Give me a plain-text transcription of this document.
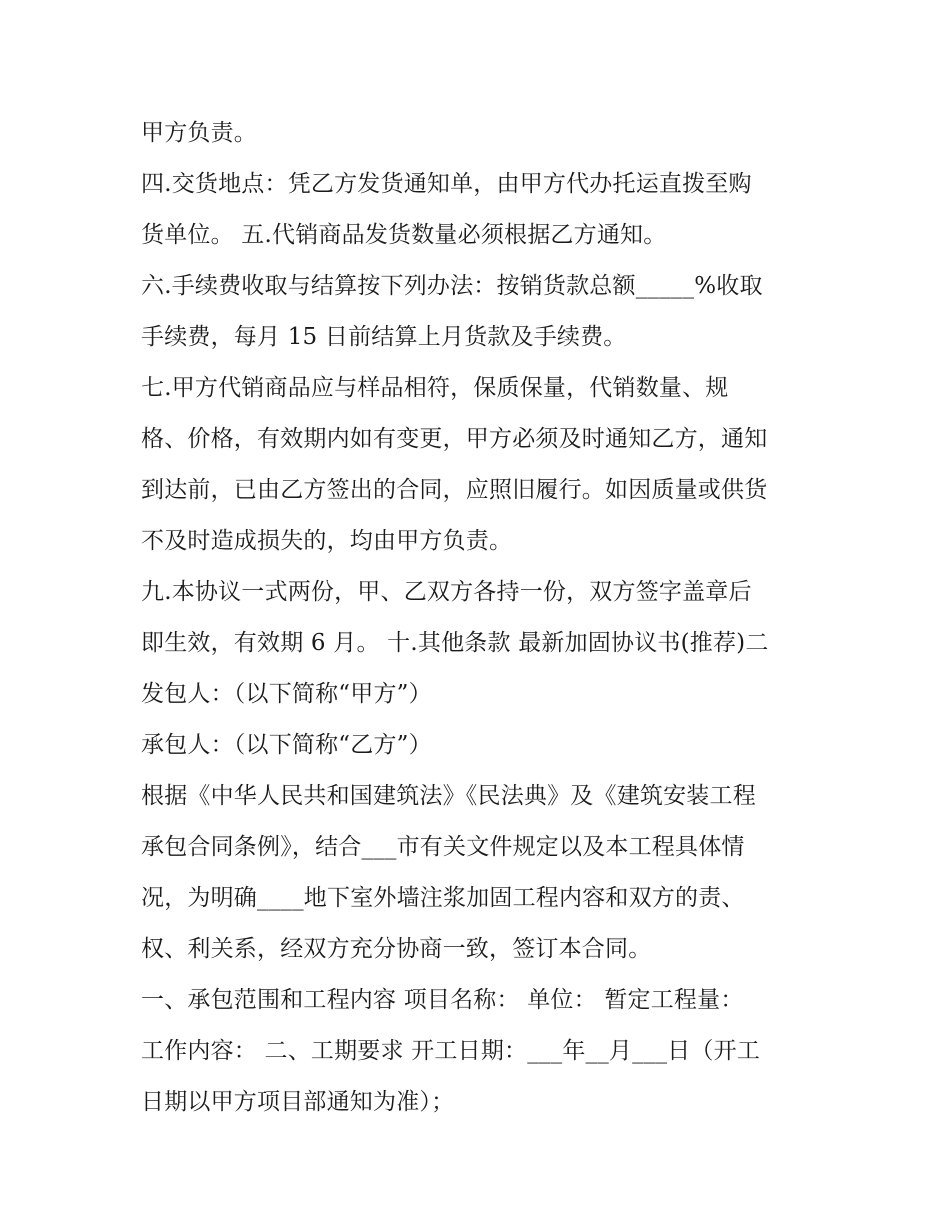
甲方负责。
四.交货地点：凭乙方发货通知单，由甲方代办托运直拨至购
货单位。 五.代销商品发货数量必须根据乙方通知。
六.手续费收取与结算按下列办法：按销货款总额_____%收取
手续费，每月 15 日前结算上月货款及手续费。
七.甲方代销商品应与样品相符，保质保量，代销数量、规
格、价格，有效期内如有变更，甲方必须及时通知乙方，通知
到达前，已由乙方签出的合同，应照旧履行。如因质量或供货
不及时造成损失的，均由甲方负责。
九.本协议一式两份，甲、乙双方各持一份，双方签字盖章后
即生效，有效期 6 月。 十.其他条款 最新加固协议书(推荐)二
发包人：（以下简称“甲方”）
承包人：（以下简称“乙方”）
根据《中华人民共和国建筑法》《民法典》及《建筑安装工程
承包合同条例》，结合___市有关文件规定以及本工程具体情
况，为明确____地下室外墙注浆加固工程内容和双方的责、
权、利关系，经双方充分协商一致，签订本合同。
一、承包范围和工程内容 项目名称： 单位： 暂定工程量：
工作内容： 二、工期要求 开工日期：___年__月___日（开工
日期以甲方项目部通知为准）；
